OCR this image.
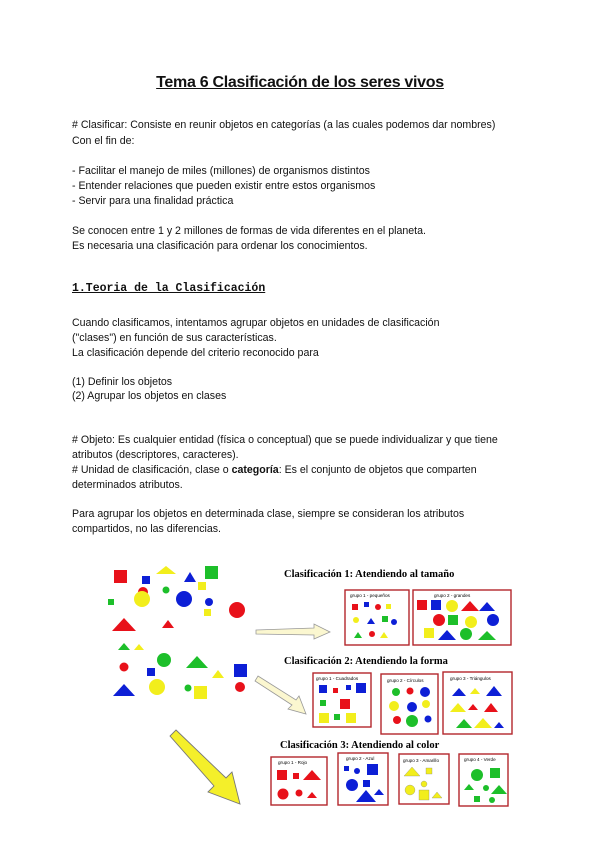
Tema 6 Clasificación de los seres vivos
# Clasificar: Consiste en reunir objetos en categorías (a las cuales podemos dar nombres)
Con el fin de:
- Facilitar el manejo de miles (millones) de organismos distintos
- Entender relaciones que pueden existir entre estos organismos
- Servir para una finalidad práctica
Se conocen entre 1 y 2 millones de formas de vida diferentes en el planeta.
Es necesaria una clasificación para ordenar los conocimientos.
1.Teoria de la Clasificación
Cuando clasificamos, intentamos agrupar objetos en unidades de clasificación
("clases") en función de sus características.
La clasificación depende del criterio reconocido para
(1) Definir los objetos
(2) Agrupar los objetos en clases
# Objeto: Es cualquier entidad (física o conceptual) que se puede individualizar y que tiene
atributos (descriptores, caracteres).
# Unidad de clasificación, clase o categoría: Es el conjunto de objetos que comparten
determinados atributos.
Para agrupar los objetos en determinada clase, siempre se consideran los atributos
compartidos, no las diferencias.
Clasificación 1: Atendiendo al tamaño
Clasificación 2: Atendiendo la forma
Clasificación 3: Atendiendo al color
grupo 1 - pequeños	grupo 2 - grandes
grupo 1 - Cuadrados	grupo 2 - Círculos	grupo 3 - Triángulos
grupo 1 - Rojo
grupo 2 - Azul	grupo 3 - Amarillo	grupo 4 - Verde
